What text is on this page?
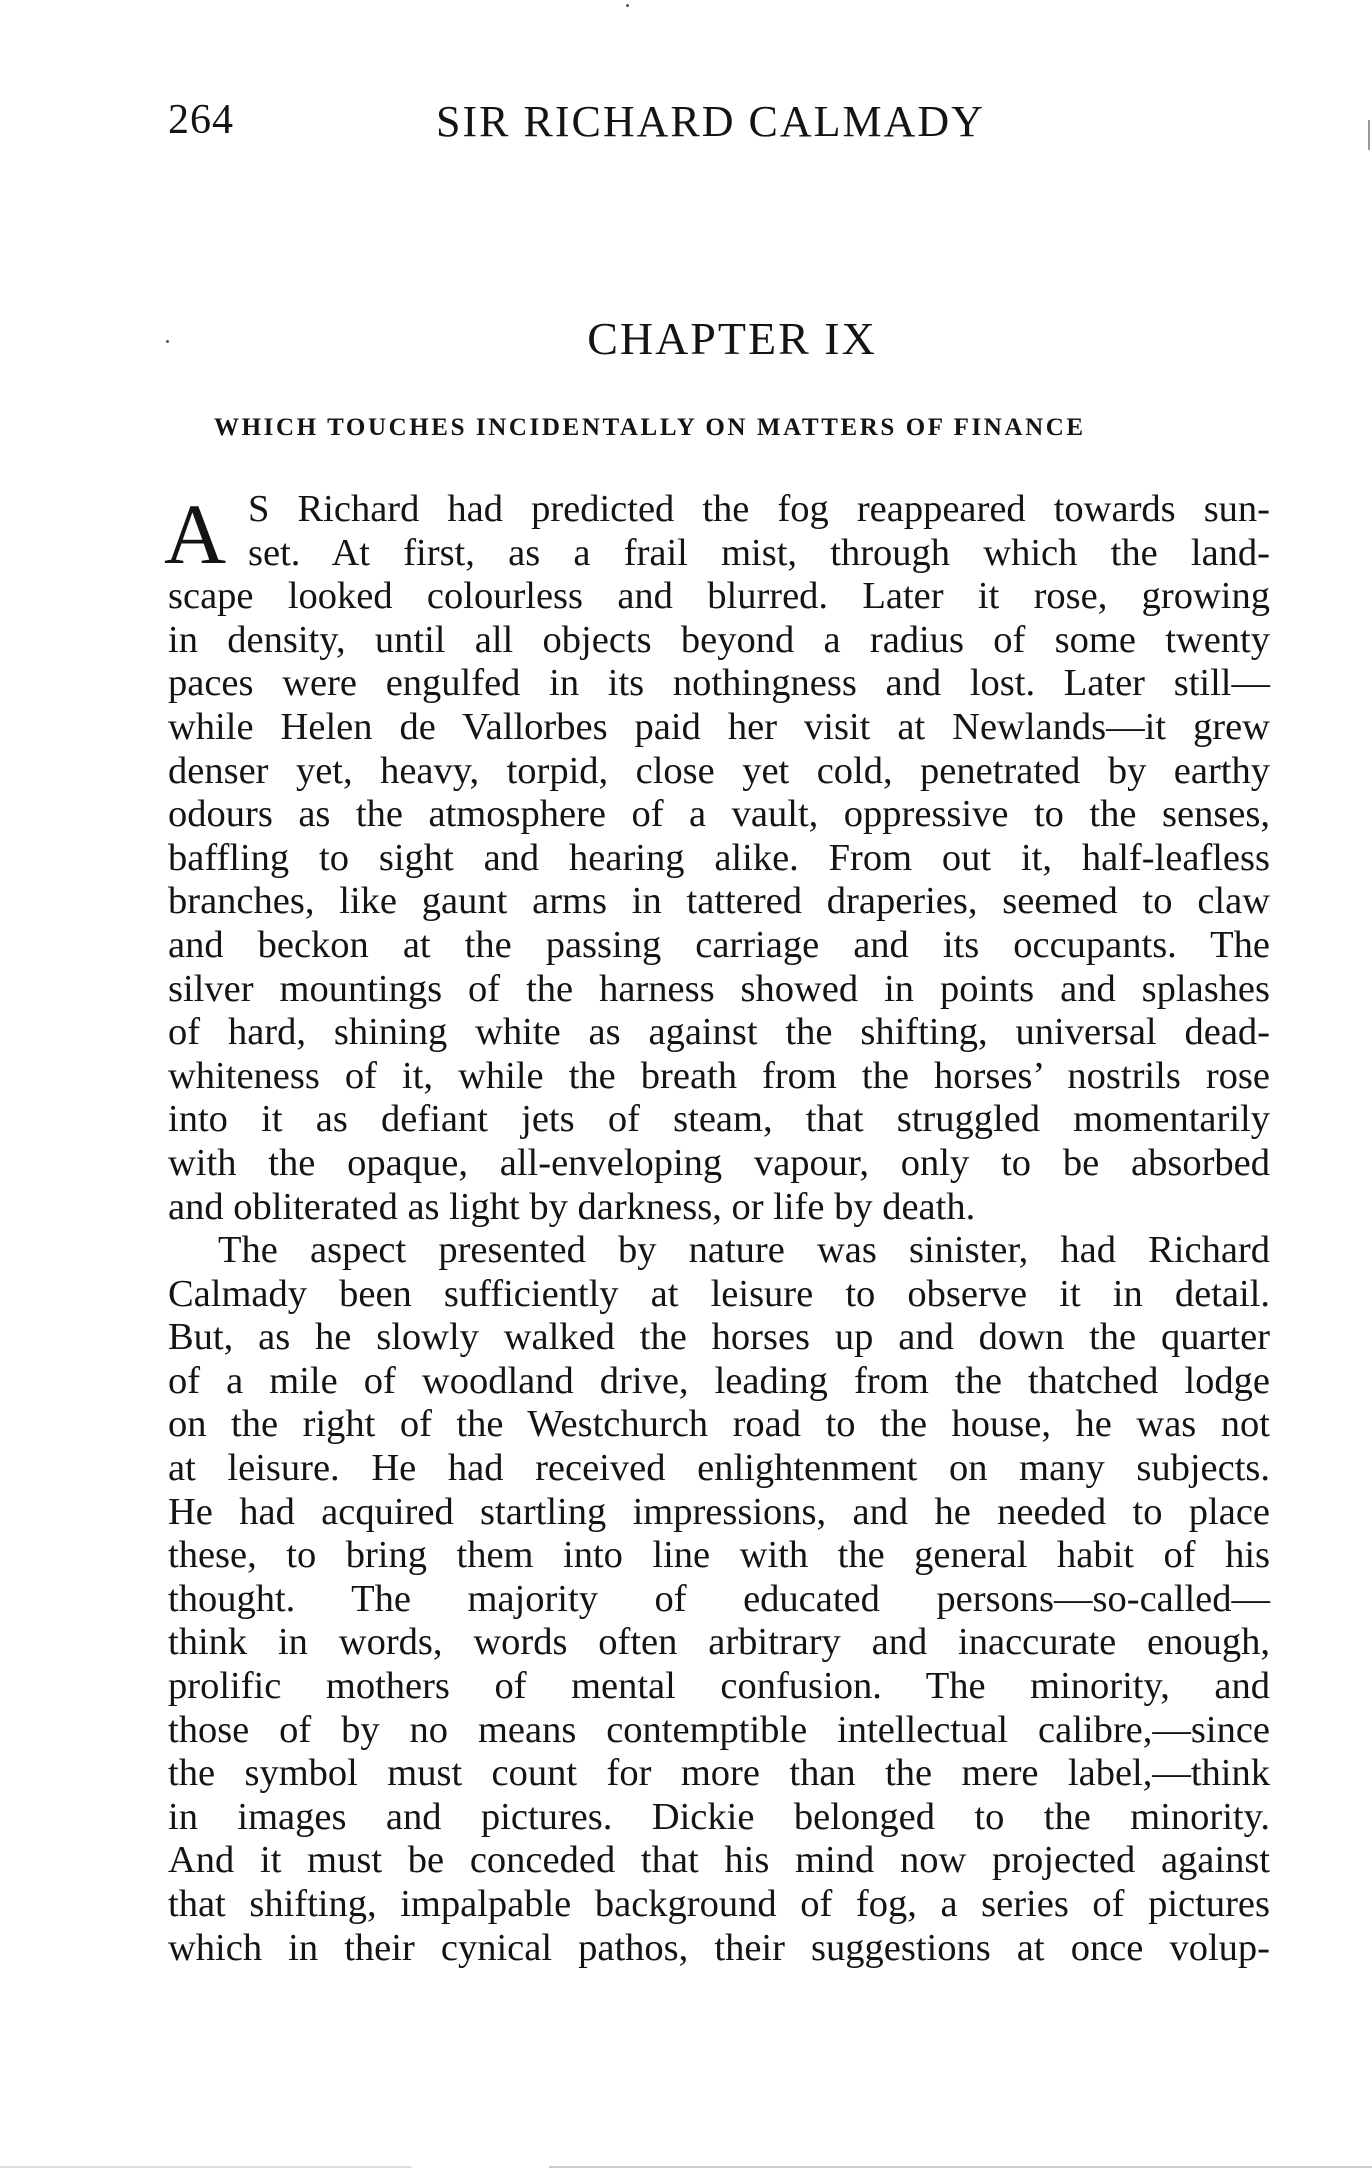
264	SIR RICHARD CALMADY
CHAPTER IX
WHICH TOUCHES INCIDENTALLY ON MATTERS OF FINANCE
A S Richard had predicted the fog reappeared towards sun-
set. At first, as a frail mist, through which the land-
scape looked colourless and blurred. Later it rose, growing
in density, until all objects beyond a radius of some twenty
paces were engulfed in its nothingness and lost. Later still—
while Helen de Vallorbes paid her visit at Newlands—it grew
denser yet, heavy, torpid, close yet cold, penetrated by earthy
odours as the atmosphere of a vault, oppressive to the senses,
baffling to sight and hearing alike. From out it, half-leafless
branches, like gaunt arms in tattered draperies, seemed to claw
and beckon at the passing carriage and its occupants. The
silver mountings of the harness showed in points and splashes
of hard, shining white as against the shifting, universal dead-
whiteness of it, while the breath from the horses’ nostrils rose
into it as defiant jets of steam, that struggled momentarily
with the opaque, all-enveloping vapour, only to be absorbed
and obliterated as light by darkness, or life by death.
The aspect presented by nature was sinister, had Richard
Calmady been sufficiently at leisure to observe it in detail.
But, as he slowly walked the horses up and down the quarter
of a mile of woodland drive, leading from the thatched lodge
on the right of the Westchurch road to the house, he was not
at leisure. He had received enlightenment on many subjects.
He had acquired startling impressions, and he needed to place
these, to bring them into line with the general habit of his
thought. The majority of educated persons—so-called—
think in words, words often arbitrary and inaccurate enough,
prolific mothers of mental confusion. The minority, and
those of by no means contemptible intellectual calibre,—since
the symbol must count for more than the mere label,—think
in images and pictures. Dickie belonged to the minority.
And it must be conceded that his mind now projected against
that shifting, impalpable background of fog, a series of pictures
which in their cynical pathos, their suggestions at once volup-
